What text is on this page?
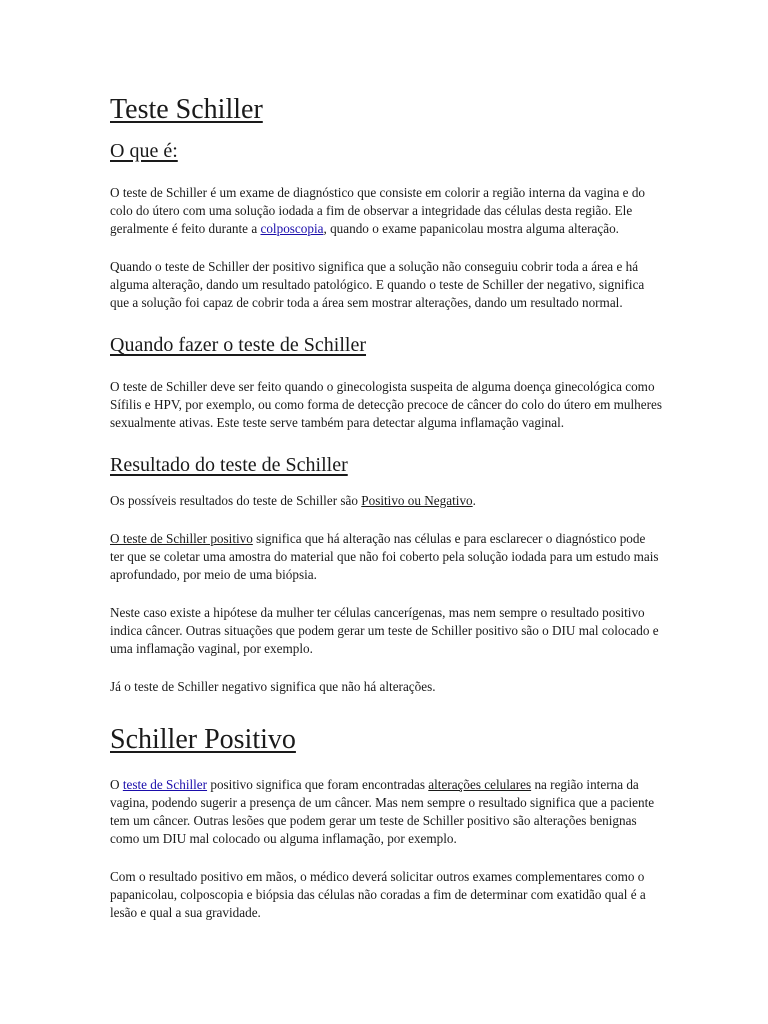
Teste Schiller
O que é:

O teste de Schiller é um exame de diagnóstico que consiste em colorir a região interna da vagina e do colo do útero com uma solução iodada a fim de observar a integridade das células desta região. Ele geralmente é feito durante a colposcopia, quando o exame papanicolau mostra alguma alteração.

Quando o teste de Schiller der positivo significa que a solução não conseguiu cobrir toda a área e há alguma alteração, dando um resultado patológico. E quando o teste de Schiller der negativo, significa que a solução foi capaz de cobrir toda a área sem mostrar alterações, dando um resultado normal.

Quando fazer o teste de Schiller

O teste de Schiller deve ser feito quando o ginecologista suspeita de alguma doença ginecológica como Sífilis e HPV, por exemplo, ou como forma de detecção precoce de câncer do colo do útero em mulheres sexualmente ativas. Este teste serve também para detectar alguma inflamação vaginal.

Resultado do teste de Schiller

Os possíveis resultados do teste de Schiller são Positivo ou Negativo.

O teste de Schiller positivo significa que há alteração nas células e para esclarecer o diagnóstico pode ter que se coletar uma amostra do material que não foi coberto pela solução iodada para um estudo mais aprofundado, por meio de uma biópsia.

Neste caso existe a hipótese da mulher ter células cancerígenas, mas nem sempre o resultado positivo indica câncer. Outras situações que podem gerar um teste de Schiller positivo são o DIU mal colocado e uma inflamação vaginal, por exemplo.

Já o teste de Schiller negativo significa que não há alterações.

Schiller Positivo

O teste de Schiller positivo significa que foram encontradas alterações celulares na região interna da vagina, podendo sugerir a presença de um câncer. Mas nem sempre o resultado significa que a paciente tem um câncer. Outras lesões que podem gerar um teste de Schiller positivo são alterações benignas como um DIU mal colocado ou alguma inflamação, por exemplo.

Com o resultado positivo em mãos, o médico deverá solicitar outros exames complementares como o papanicolau, colposcopia e biópsia das células não coradas a fim de determinar com exatidão qual é a lesão e qual a sua gravidade.
